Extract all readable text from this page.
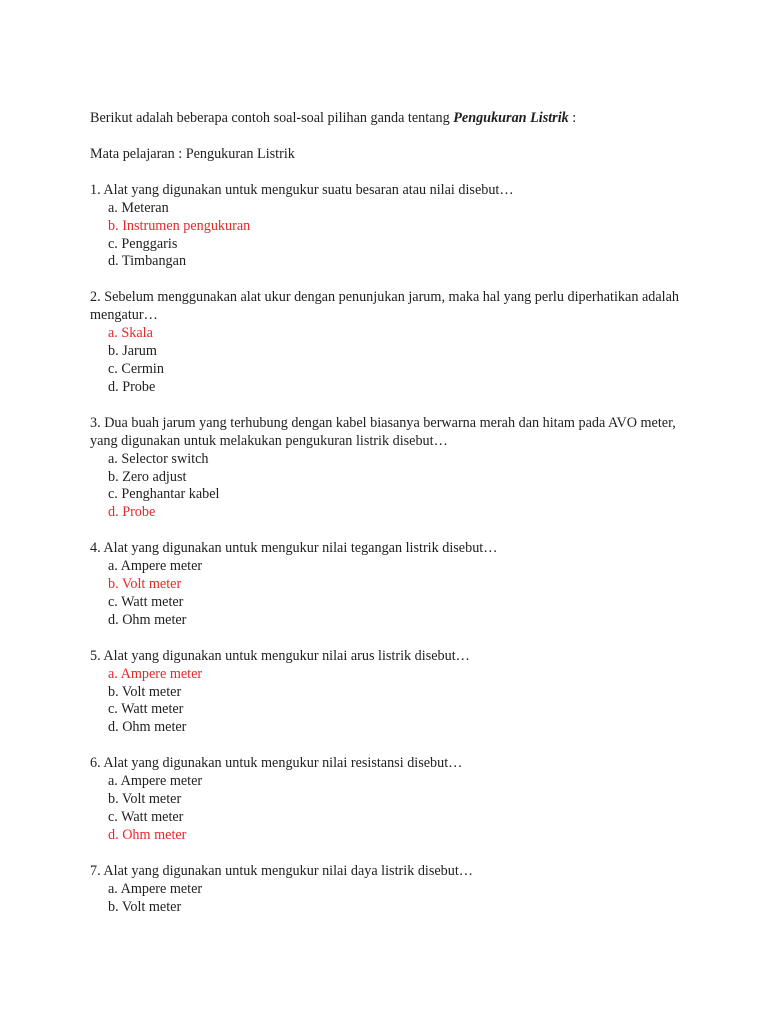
Berikut adalah beberapa contoh soal-soal pilihan ganda tentang Pengukuran Listrik :

Mata pelajaran : Pengukuran Listrik

1. Alat yang digunakan untuk mengukur suatu besaran atau nilai disebut…

a. Meteran
b. Instrumen pengukuran
c. Penggaris
d. Timbangan

2. Sebelum menggunakan alat ukur dengan penunjukan jarum, maka hal yang perlu diperhatikan adalah mengatur…

a. Skala
b. Jarum
c. Cermin
d. Probe

3. Dua buah jarum yang terhubung dengan kabel biasanya berwarna merah dan hitam pada AVO meter, yang digunakan untuk melakukan pengukuran listrik disebut…

a. Selector switch
b. Zero adjust
c. Penghantar kabel
d. Probe

4. Alat yang digunakan untuk mengukur nilai tegangan listrik disebut…

a. Ampere meter
b. Volt meter
c. Watt meter
d. Ohm meter

5. Alat yang digunakan untuk mengukur nilai arus listrik disebut…

a. Ampere meter
b. Volt meter
c. Watt meter
d. Ohm meter

6. Alat yang digunakan untuk mengukur nilai resistansi disebut…

a. Ampere meter
b. Volt meter
c. Watt meter
d. Ohm meter

7. Alat yang digunakan untuk mengukur nilai daya listrik disebut…

a. Ampere meter
b. Volt meter
